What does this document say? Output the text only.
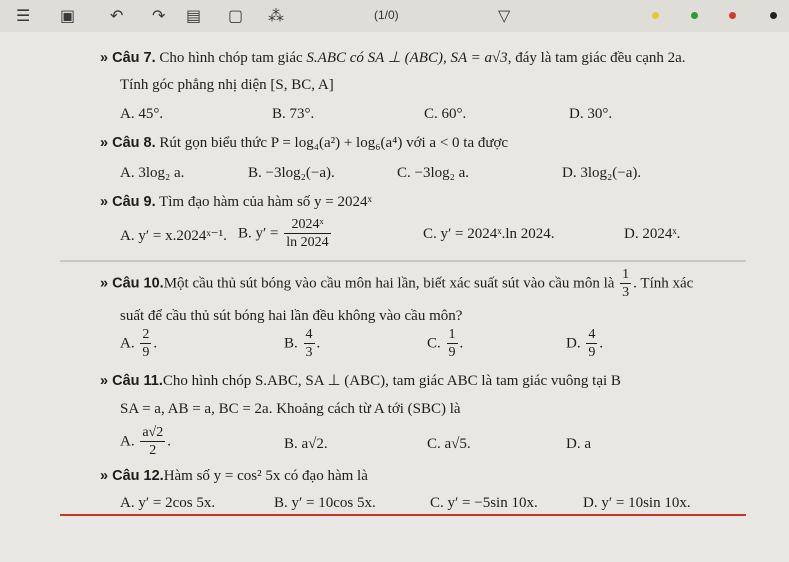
☰ ▣ ↶ ↷ ▤ ▢ ⁂	(1/0)	▽
» Câu 7. Cho hình chóp tam giác S.ABC có SA ⊥ (ABC), SA = a√3, đáy là tam giác đều cạnh 2a.
Tính góc phẳng nhị diện [S, BC, A]
A. 45°.	B. 73°.	C. 60°.	D. 30°.
» Câu 8. Rút gọn biểu thức P = log₄(a²) + log₆(a⁴) với a < 0 ta được
A. 3log₂ a.	B. −3log₂(−a).	C. −3log₂ a.	D. 3log₂(−a).
» Câu 9. Tìm đạo hàm của hàm số y = 2024ˣ
A. y′ = x.2024ˣ⁻¹. B. $y' = \frac{\text{2024ˣ}}{\ln 2024}$	C. y′ = 2024ˣ.ln 2024.	D. 2024ˣ.
» Câu 10.Một cầu thủ sút bóng vào cầu môn hai lần, biết xác suất sút vào cầu môn là $\frac{1}{3}$ . Tính xác
suất để cầu thủ sút bóng hai lần đều không vào cầu môn?
A. $\frac{2}{9}$ .	B. $\frac{4}{3}$ .	C. $\frac{1}{9}$ .	D. $\frac{4}{9}$ .
» Câu 11.Cho hình chóp S.ABC, SA ⊥ (ABC), tam giác ABC là tam giác vuông tại B
SA = a, AB = a, BC = 2a. Khoảng cách từ A tới (SBC) là
A. $\frac{a√2}{2}$ .	B. a√2.	C. a√5.	D. a
» Câu 12.Hàm số y = cos² 5x có đạo hàm là
A. y′ = 2cos 5x.	B. y′ = 10cos 5x.	C. y′ = −5sin 10x.	D. y′ = 10sin 10x.
